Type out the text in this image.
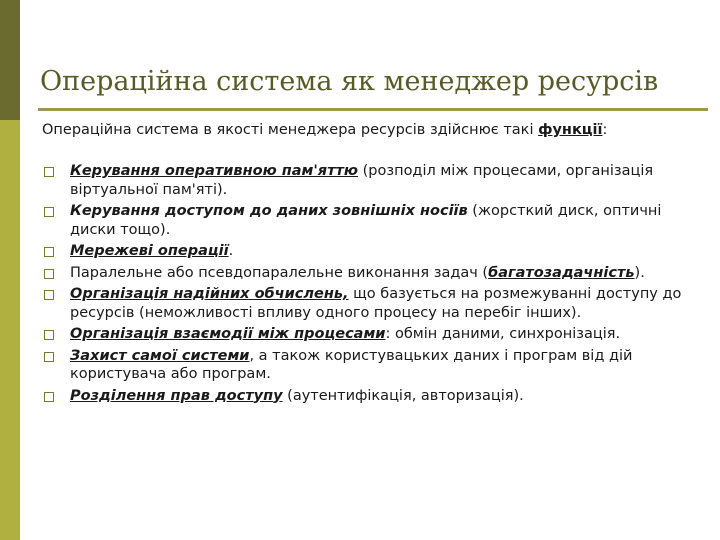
Операційна система як менеджер ресурсів
Операційна система в якості менеджера ресурсів здійснює такі функції:
Керування оперативною пам'яттю (розподіл між процесами, організація віртуальної пам'яті).
Керування доступом до даних зовнішніх носіїв (жорсткий диск, оптичні диски тощо).
Мережеві операції.
Паралельне або псевдопаралельне виконання задач (багатозадачність).
Організація надійних обчислень, що базується на розмежуванні доступу до ресурсів (неможливості впливу одного процесу на перебіг інших).
Організація взаємодії між процесами: обмін даними, синхронізація.
Захист самої системи, а також користувацьких даних і програм від дій користувача або програм.
Розділення прав доступу (аутентифікація, авторизація).
